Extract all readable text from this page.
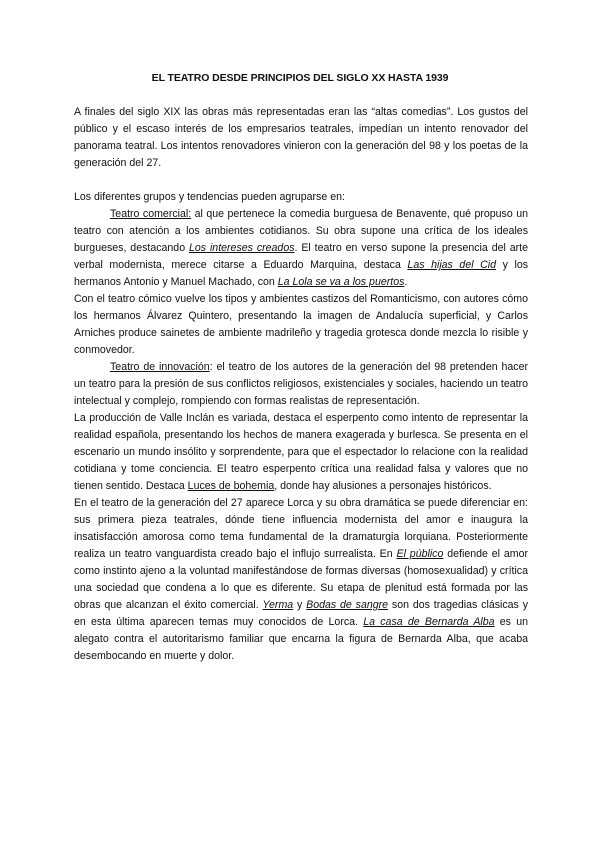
EL TEATRO DESDE PRINCIPIOS DEL SIGLO XX HASTA 1939

A finales del siglo XIX las obras más representadas eran las “altas comedias”. Los gustos del público y el escaso interés de los empresarios teatrales, impedían un intento renovador del panorama teatral. Los intentos renovadores vinieron con la generación del 98 y los poetas de la generación del 27.

Los diferentes grupos y tendencias pueden agruparse en:

Teatro comercial: al que pertenece la comedia burguesa de Benavente, qué propuso un teatro con atención a los ambientes cotidianos. Su obra supone una crítica de los ideales burgueses, destacando Los intereses creados. El teatro en verso supone la presencia del arte verbal modernista, merece citarse a Eduardo Marquina, destaca Las hijas del Cid y los hermanos Antonio y Manuel Machado, con La Lola se va a los puertos.

Con el teatro cómico vuelve los tipos y ambientes castizos del Romanticismo, con autores cómo los hermanos Álvarez Quintero, presentando la imagen de Andalucía superficial, y Carlos Arniches produce sainetes de ambiente madrileño y tragedia grotesca donde mezcla lo risible y conmovedor.

Teatro de innovación: el teatro de los autores de la generación del 98 pretenden hacer un teatro para la presión de sus conflictos religiosos, existenciales y sociales, haciendo un teatro intelectual y complejo, rompiendo con formas realistas de representación.

La producción de Valle Inclán es variada, destaca el esperpento como intento de representar la realidad española, presentando los hechos de manera exagerada y burlesca. Se presenta en el escenario un mundo insólito y sorprendente, para que el espectador lo relacione con la realidad cotidiana y tome conciencia. El teatro esperpento crítica una realidad falsa y valores que no tienen sentido. Destaca Luces de bohemia, donde hay alusiones a personajes históricos.

En el teatro de la generación del 27 aparece Lorca y su obra dramática se puede diferenciar en: sus primera pieza teatrales, dónde tiene influencia modernista del amor e inaugura la insatisfacción amorosa como tema fundamental de la dramaturgia lorquiana. Posteriormente realiza un teatro vanguardista creado bajo el influjo surrealista. En El público defiende el amor como instinto ajeno a la voluntad manifestándose de formas diversas (homosexualidad) y crítica una sociedad que condena a lo que es diferente. Su etapa de plenitud está formada por las obras que alcanzan el éxito comercial. Yerma y Bodas de sangre son dos tragedias clásicas y en esta última aparecen temas muy conocidos de Lorca. La casa de Bernarda Alba es un alegato contra el autoritarismo familiar que encarna la figura de Bernarda Alba, que acaba desembocando en muerte y dolor.
